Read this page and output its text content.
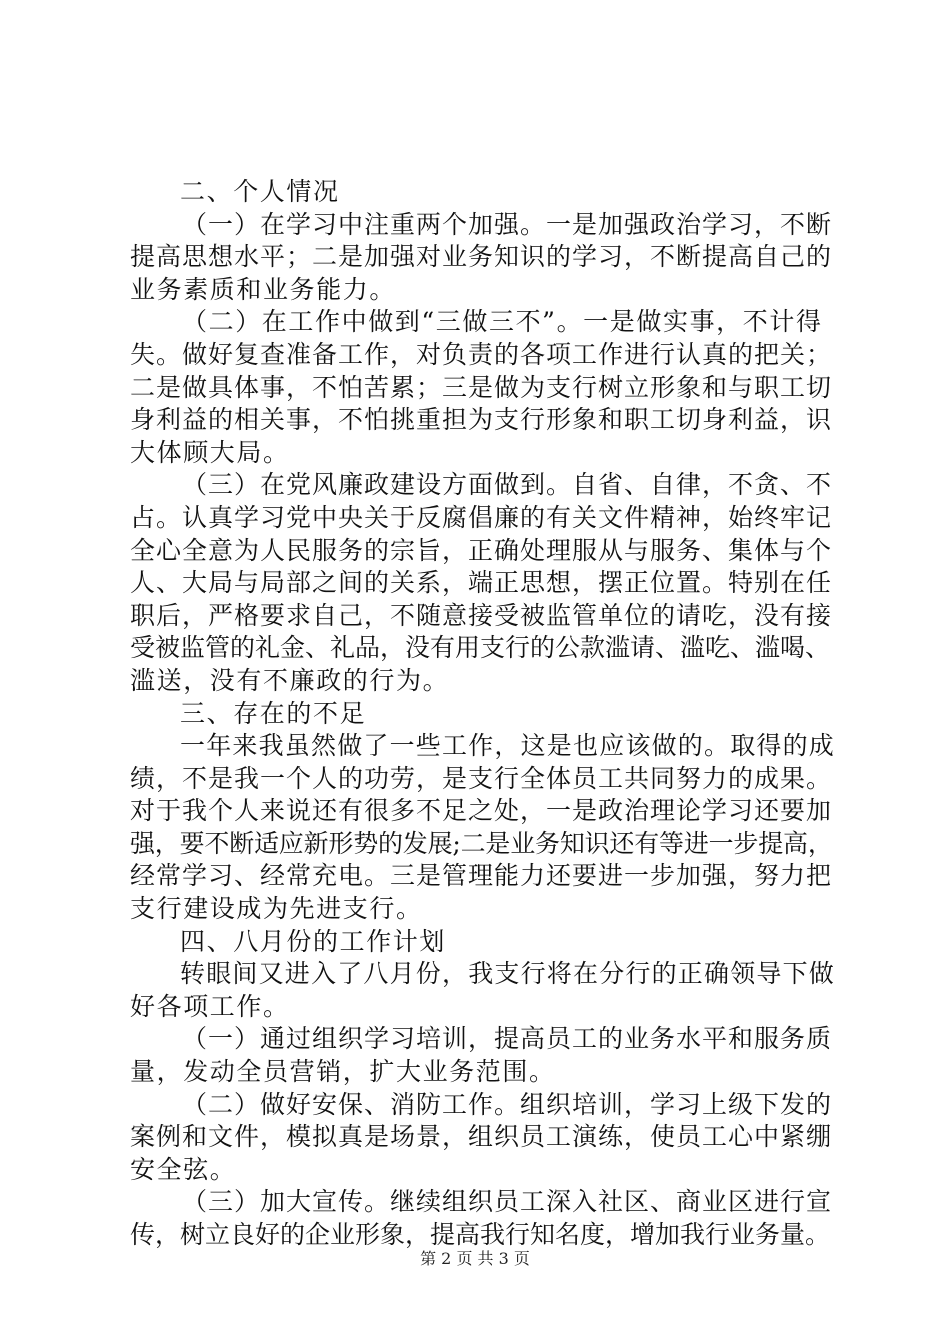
二、个人情况
（一）在学习中注重两个加强。一是加强政治学习，不断
提高思想水平；二是加强对业务知识的学习，不断提高自己的
业务素质和业务能力。
（二）在工作中做到“三做三不”。一是做实事，不计得
失。做好复查准备工作，对负责的各项工作进行认真的把关；
二是做具体事，不怕苦累；三是做为支行树立形象和与职工切
身利益的相关事，不怕挑重担为支行形象和职工切身利益，识
大体顾大局。
（三）在党风廉政建设方面做到。自省、自律，不贪、不
占。认真学习党中央关于反腐倡廉的有关文件精神，始终牢记
全心全意为人民服务的宗旨，正确处理服从与服务、集体与个
人、大局与局部之间的关系，端正思想，摆正位置。特别在任
职后，严格要求自己，不随意接受被监管单位的请吃，没有接
受被监管的礼金、礼品，没有用支行的公款滥请、滥吃、滥喝、
滥送，没有不廉政的行为。
三、存在的不足
一年来我虽然做了一些工作，这是也应该做的。取得的成
绩，不是我一个人的功劳，是支行全体员工共同努力的成果。
对于我个人来说还有很多不足之处，一是政治理论学习还要加
强，要不断适应新形势的发展;二是业务知识还有等进一步提高，
经常学习、经常充电。三是管理能力还要进一步加强，努力把
支行建设成为先进支行。
四、八月份的工作计划
转眼间又进入了八月份，我支行将在分行的正确领导下做
好各项工作。
（一）通过组织学习培训，提高员工的业务水平和服务质
量，发动全员营销，扩大业务范围。
（二）做好安保、消防工作。组织培训，学习上级下发的
案例和文件，模拟真是场景，组织员工演练，使员工心中紧绷
安全弦。
（三）加大宣传。继续组织员工深入社区、商业区进行宣
传，树立良好的企业形象，提高我行知名度，增加我行业务量。
第 2 页 共 3 页
